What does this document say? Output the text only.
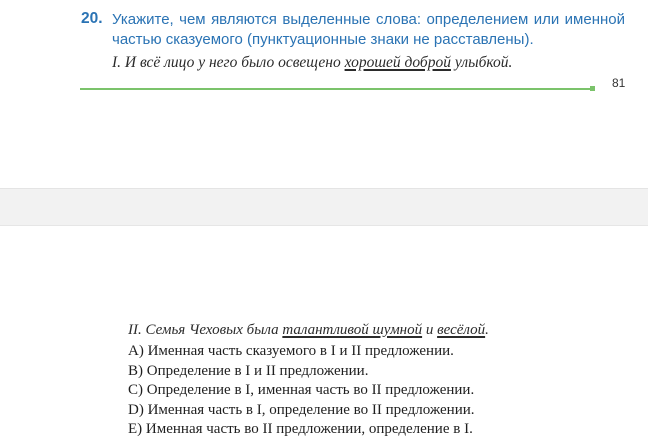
20. Укажите, чем являются выделенные слова: определением или именной
частью сказуемого (пунктуационные знаки не расставлены).
I. И всё лицо у него было освещено хорошей доброй улыбкой.
81
II. Семья Чеховых была талантливой шумной и весёлой.
A) Именная часть сказуемого в I и II предложении.
B) Определение в I и II предложении.
C) Определение в I, именная часть во II предложении.
D) Именная часть в I, определение во II предложении.
E) Именная часть во II предложении, определение в I.
